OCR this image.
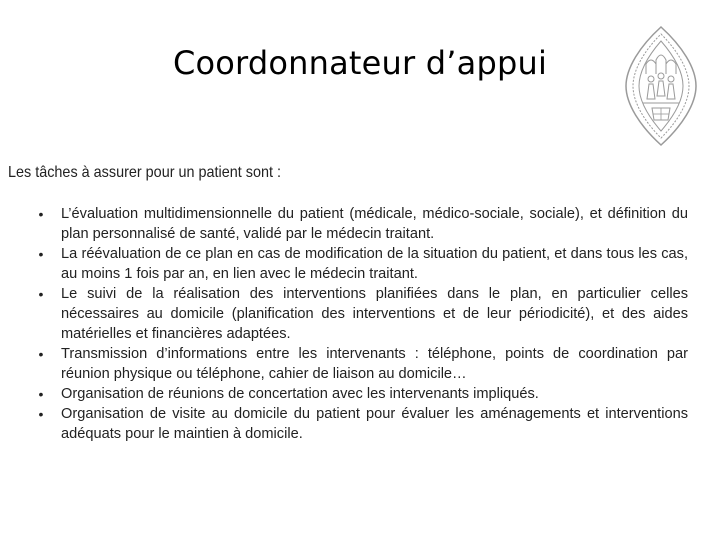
Coordonnateur d’appui
Les tâches à assurer pour un patient sont :
•	L’évaluation multidimensionnelle du patient (médicale, médico-sociale, sociale), et définition du plan personnalisé de santé, validé par le médecin traitant.
•	La réévaluation de ce plan en cas de modification de la situation du patient, et dans tous les cas, au moins 1 fois par an, en lien avec le médecin traitant.
•	Le suivi de la réalisation des interventions planifiées dans le plan, en particulier celles nécessaires au domicile (planification des interventions et de leur périodicité), et des aides matérielles et financières adaptées.
•	Transmission d’informations entre les intervenants : téléphone, points de coordination par réunion physique ou téléphone, cahier de liaison au domicile…
•	Organisation de réunions de concertation avec les intervenants impliqués.
•	Organisation de visite au domicile du patient pour évaluer les aménagements et interventions adéquats pour le maintien à domicile.
